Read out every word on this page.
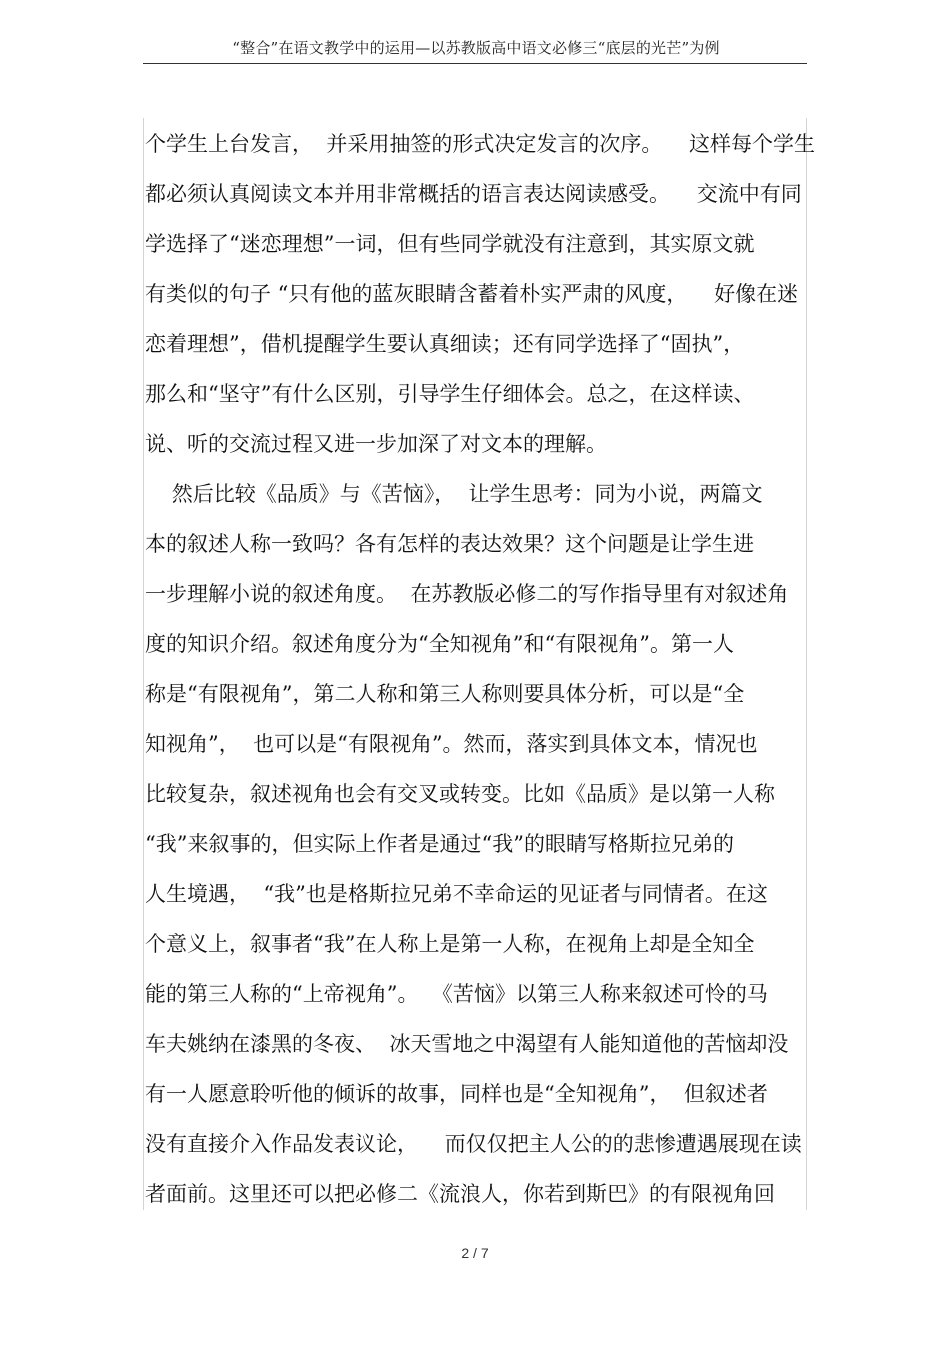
“整合”在语文教学中的运用—以苏教版高中语文必修三“底层的光芒”为例
个学生上台发言，  并采用抽签的形式决定发言的次序。    这样每个学生
都必须认真阅读文本并用非常概括的语言表达阅读感受。    交流中有同
学选择了“迷恋理想”一词，但有些同学就没有注意到，其实原文就
有类似的句子 “只有他的蓝灰眼睛含蓄着朴实严肃的风度，    好像在迷
恋着理想”，借机提醒学生要认真细读；还有同学选择了“固执”，
那么和“坚守”有什么区别，引导学生仔细体会。总之，在这样读、
说、听的交流过程又进一步加深了对文本的理解。
然后比较《品质》与《苦恼》，  让学生思考：同为小说，两篇文
本的叙述人称一致吗？各有怎样的表达效果？这个问题是让学生进
一步理解小说的叙述角度。  在苏教版必修二的写作指导里有对叙述角
度的知识介绍。叙述角度分为“全知视角”和“有限视角”。第一人
称是“有限视角”，第二人称和第三人称则要具体分析，可以是“全
知视角”，  也可以是“有限视角”。然而，落实到具体文本，情况也
比较复杂，叙述视角也会有交叉或转变。比如《品质》是以第一人称
“我”来叙事的，但实际上作者是通过“我”的眼睛写格斯拉兄弟的
人生境遇，  “我”也是格斯拉兄弟不幸命运的见证者与同情者。在这
个意义上，叙事者“我”在人称上是第一人称，在视角上却是全知全
能的第三人称的“上帝视角”。  《苦恼》以第三人称来叙述可怜的马
车夫姚纳在漆黑的冬夜、  冰天雪地之中渴望有人能知道他的苦恼却没
有一人愿意聆听他的倾诉的故事，同样也是“全知视角”，  但叙述者
没有直接介入作品发表议论，    而仅仅把主人公的的悲惨遭遇展现在读
者面前。这里还可以把必修二《流浪人，你若到斯巴》的有限视角回
2 / 7
